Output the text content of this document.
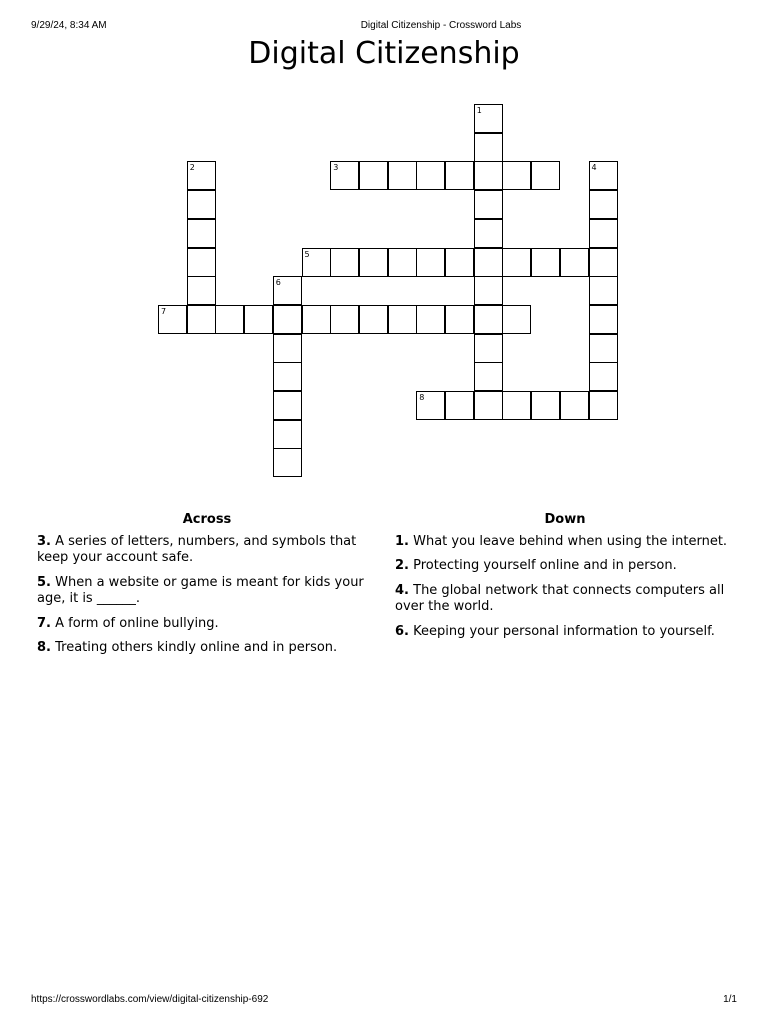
9/29/24, 8:34 AM	Digital Citizenship - Crossword Labs
Digital Citizenship
1
2	3	4
5
6
7
8
Across
3. A series of letters, numbers, and symbols that keep your account safe.
5. When a website or game is meant for kids your age, it is ______.
7. A form of online bullying.
8. Treating others kindly online and in person.
Down
1. What you leave behind when using the internet.
2. Protecting yourself online and in person.
4. The global network that connects computers all over the world.
6. Keeping your personal information to yourself.
https://crosswordlabs.com/view/digital-citizenship-692	1/1
